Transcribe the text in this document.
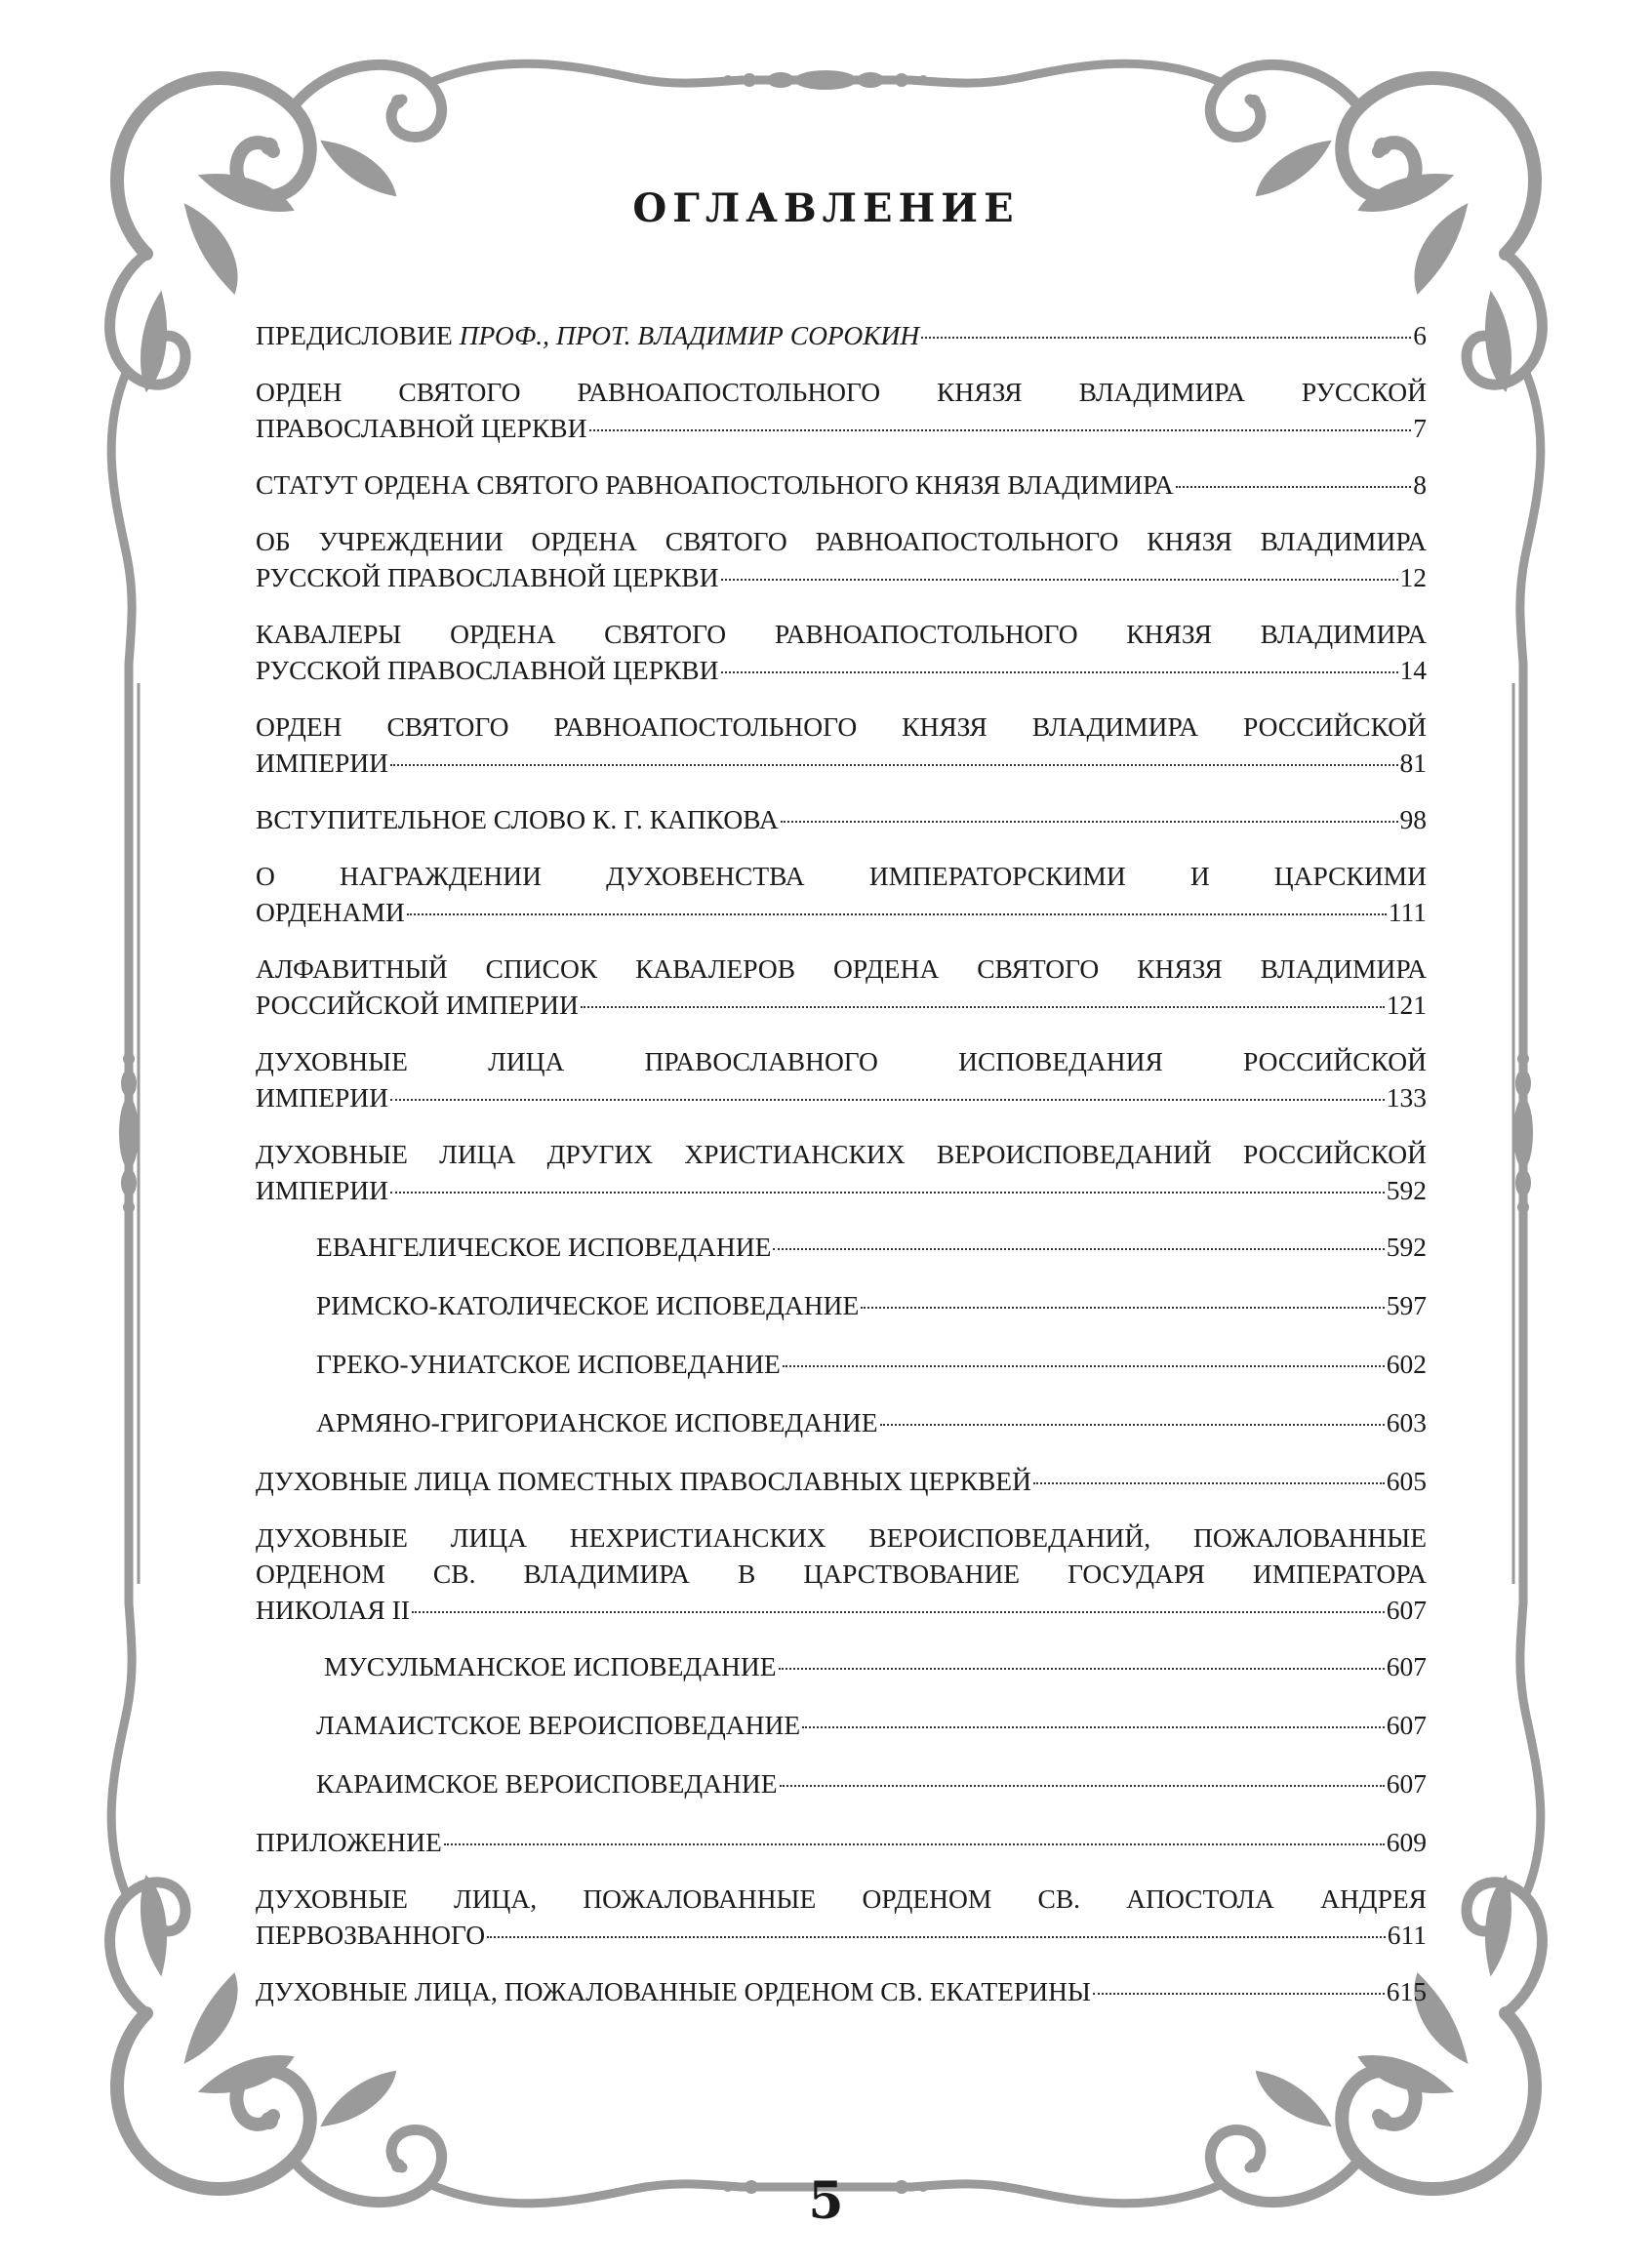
ОГЛАВЛЕНИЕ
ПРЕДИСЛОВИЕ ПРОФ., ПРОТ. ВЛАДИМИР СОРОКИН	6
ОРДЕН СВЯТОГО РАВНОАПОСТОЛЬНОГО КНЯЗЯ ВЛАДИМИРА РУССКОЙ
ПРАВОСЛАВНОЙ ЦЕРКВИ	7
СТАТУТ ОРДЕНА СВЯТОГО РАВНОАПОСТОЛЬНОГО КНЯЗЯ ВЛАДИМИРА	8
ОБ УЧРЕЖДЕНИИ ОРДЕНА СВЯТОГО РАВНОАПОСТОЛЬНОГО КНЯЗЯ ВЛАДИМИРА
РУССКОЙ ПРАВОСЛАВНОЙ ЦЕРКВИ	12
КАВАЛЕРЫ ОРДЕНА СВЯТОГО РАВНОАПОСТОЛЬНОГО КНЯЗЯ ВЛАДИМИРА
РУССКОЙ ПРАВОСЛАВНОЙ ЦЕРКВИ	14
ОРДЕН СВЯТОГО РАВНОАПОСТОЛЬНОГО КНЯЗЯ ВЛАДИМИРА РОССИЙСКОЙ
ИМПЕРИИ	81
ВСТУПИТЕЛЬНОЕ СЛОВО К. Г. КАПКОВА	98
О НАГРАЖДЕНИИ ДУХОВЕНСТВА ИМПЕРАТОРСКИМИ И ЦАРСКИМИ
ОРДЕНАМИ	111
АЛФАВИТНЫЙ СПИСОК КАВАЛЕРОВ ОРДЕНА СВЯТОГО КНЯЗЯ ВЛАДИМИРА
РОССИЙСКОЙ ИМПЕРИИ	121
ДУХОВНЫЕ ЛИЦА ПРАВОСЛАВНОГО ИСПОВЕДАНИЯ РОССИЙСКОЙ
ИМПЕРИИ	133
ДУХОВНЫЕ ЛИЦА ДРУГИХ ХРИСТИАНСКИХ ВЕРОИСПОВЕДАНИЙ РОССИЙСКОЙ
ИМПЕРИИ	592
ЕВАНГЕЛИЧЕСКОЕ ИСПОВЕДАНИЕ	592
РИМСКО-КАТОЛИЧЕСКОЕ ИСПОВЕДАНИЕ	597
ГРЕКО-УНИАТСКОЕ ИСПОВЕДАНИЕ	602
АРМЯНО-ГРИГОРИАНСКОЕ ИСПОВЕДАНИЕ	603
ДУХОВНЫЕ ЛИЦА ПОМЕСТНЫХ ПРАВОСЛАВНЫХ ЦЕРКВЕЙ	605
ДУХОВНЫЕ ЛИЦА НЕХРИСТИАНСКИХ ВЕРОИСПОВЕДАНИЙ, ПОЖАЛОВАННЫЕ
ОРДЕНОМ СВ. ВЛАДИМИРА В ЦАРСТВОВАНИЕ ГОСУДАРЯ ИМПЕРАТОРА
НИКОЛАЯ II	607
МУСУЛЬМАНСКОЕ ИСПОВЕДАНИЕ	607
ЛАМАИСТСКОЕ ВЕРОИСПОВЕДАНИЕ	607
КАРАИМСКОЕ ВЕРОИСПОВЕДАНИЕ	607
ПРИЛОЖЕНИЕ	609
ДУХОВНЫЕ ЛИЦА, ПОЖАЛОВАННЫЕ ОРДЕНОМ СВ. АПОСТОЛА АНДРЕЯ
ПЕРВОЗВАННОГО	611
ДУХОВНЫЕ ЛИЦА, ПОЖАЛОВАННЫЕ ОРДЕНОМ СВ. ЕКАТЕРИНЫ	615
5
